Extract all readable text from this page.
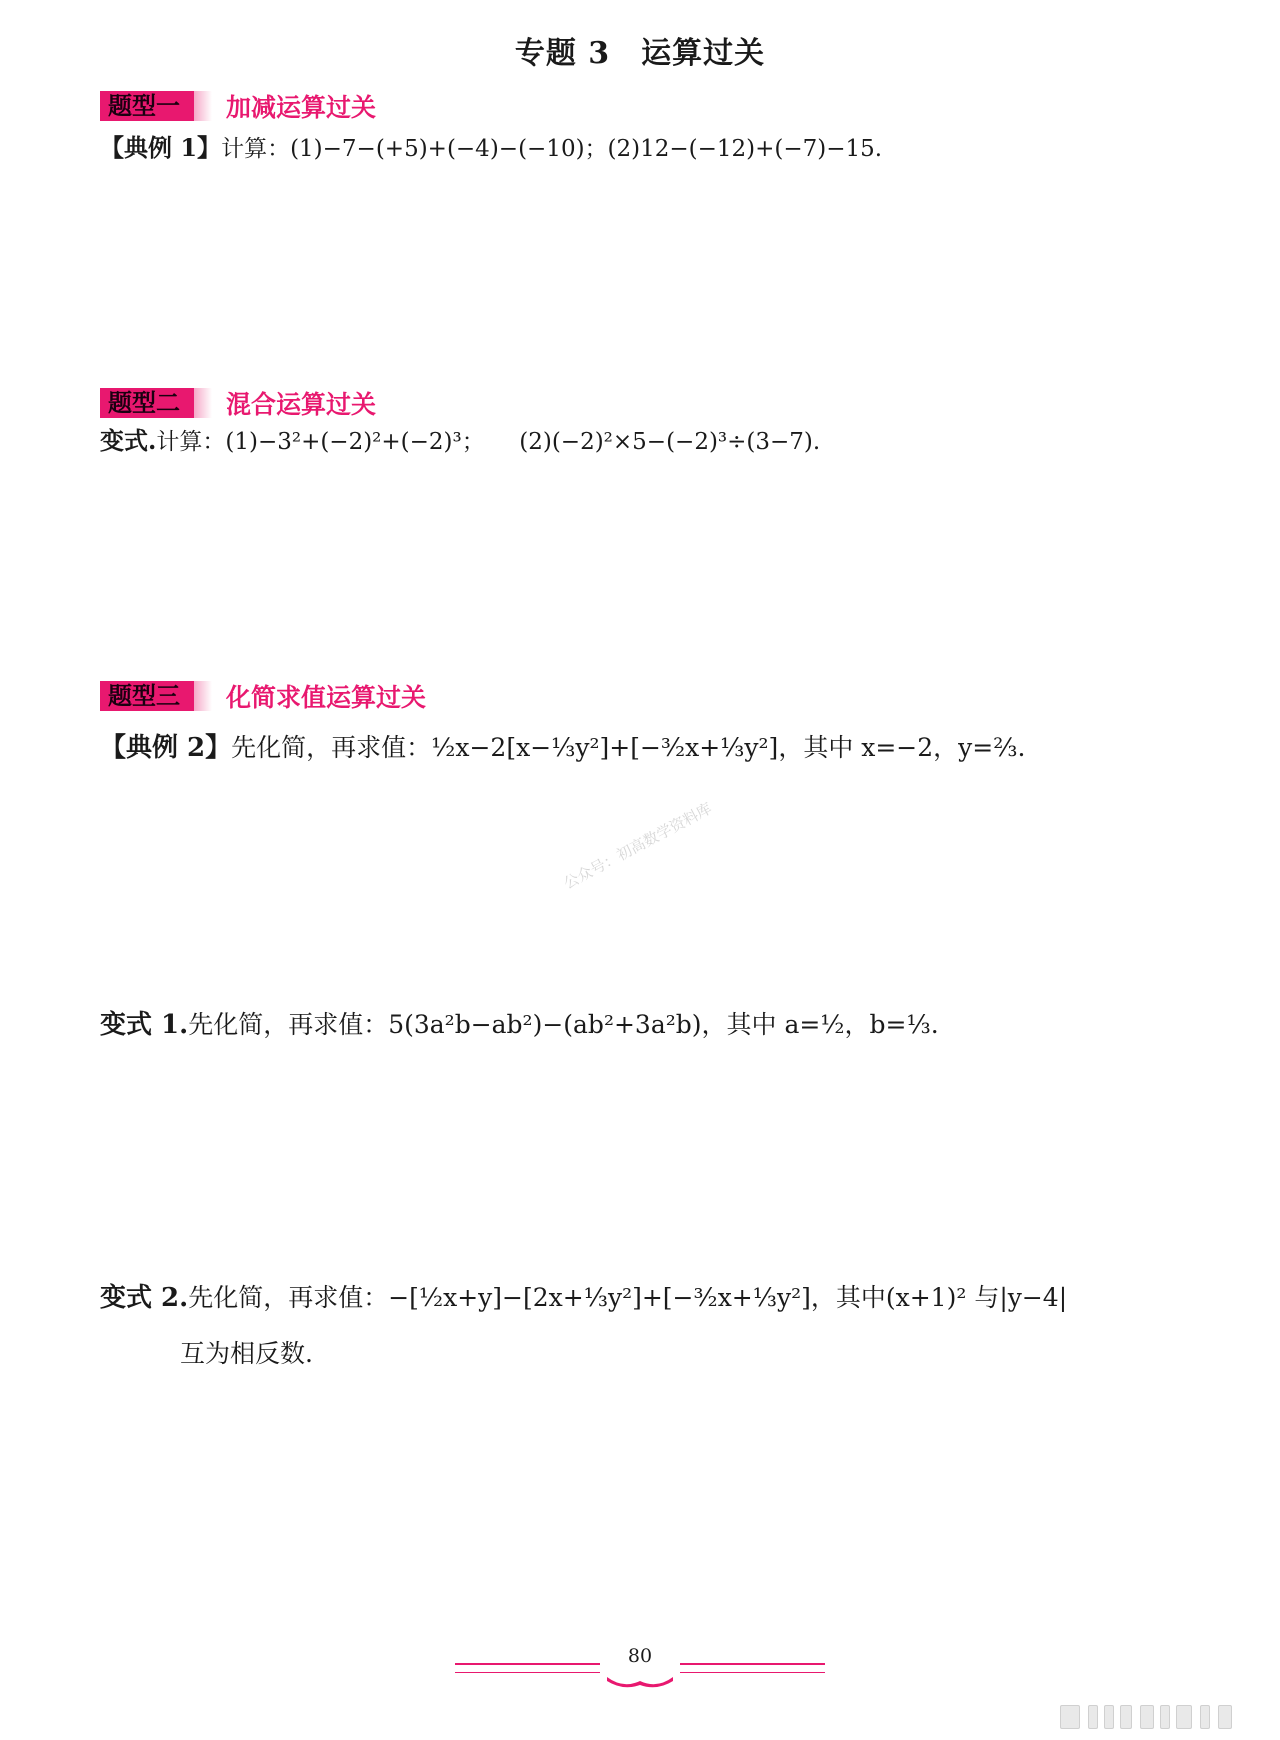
专题 3　运算过关
题型一	加减运算过关
【典例 1】计算：(1)−7−(+5)+(−4)−(−10)；(2)12−(−12)+(−7)−15.
题型二	混合运算过关
变式.计算：(1)−3²+(−2)²+(−2)³；　　(2)(−2)²×5−(−2)³÷(3−7).
题型三	化简求值运算过关
【典例 2】先化简，再求值：½x−2[x−⅓y²]+[−³⁄₂x+⅓y²]，其中 x=−2，y=⅔.
公众号：初高数学资料库
变式 1.先化简，再求值：5(3a²b−ab²)−(ab²+3a²b)，其中 a=½，b=⅓.
变式 2.先化简，再求值：−[½x+y]−[2x+⅓y²]+[−³⁄₂x+⅓y²]，其中(x+1)² 与|y−4|
互为相反数.
80
